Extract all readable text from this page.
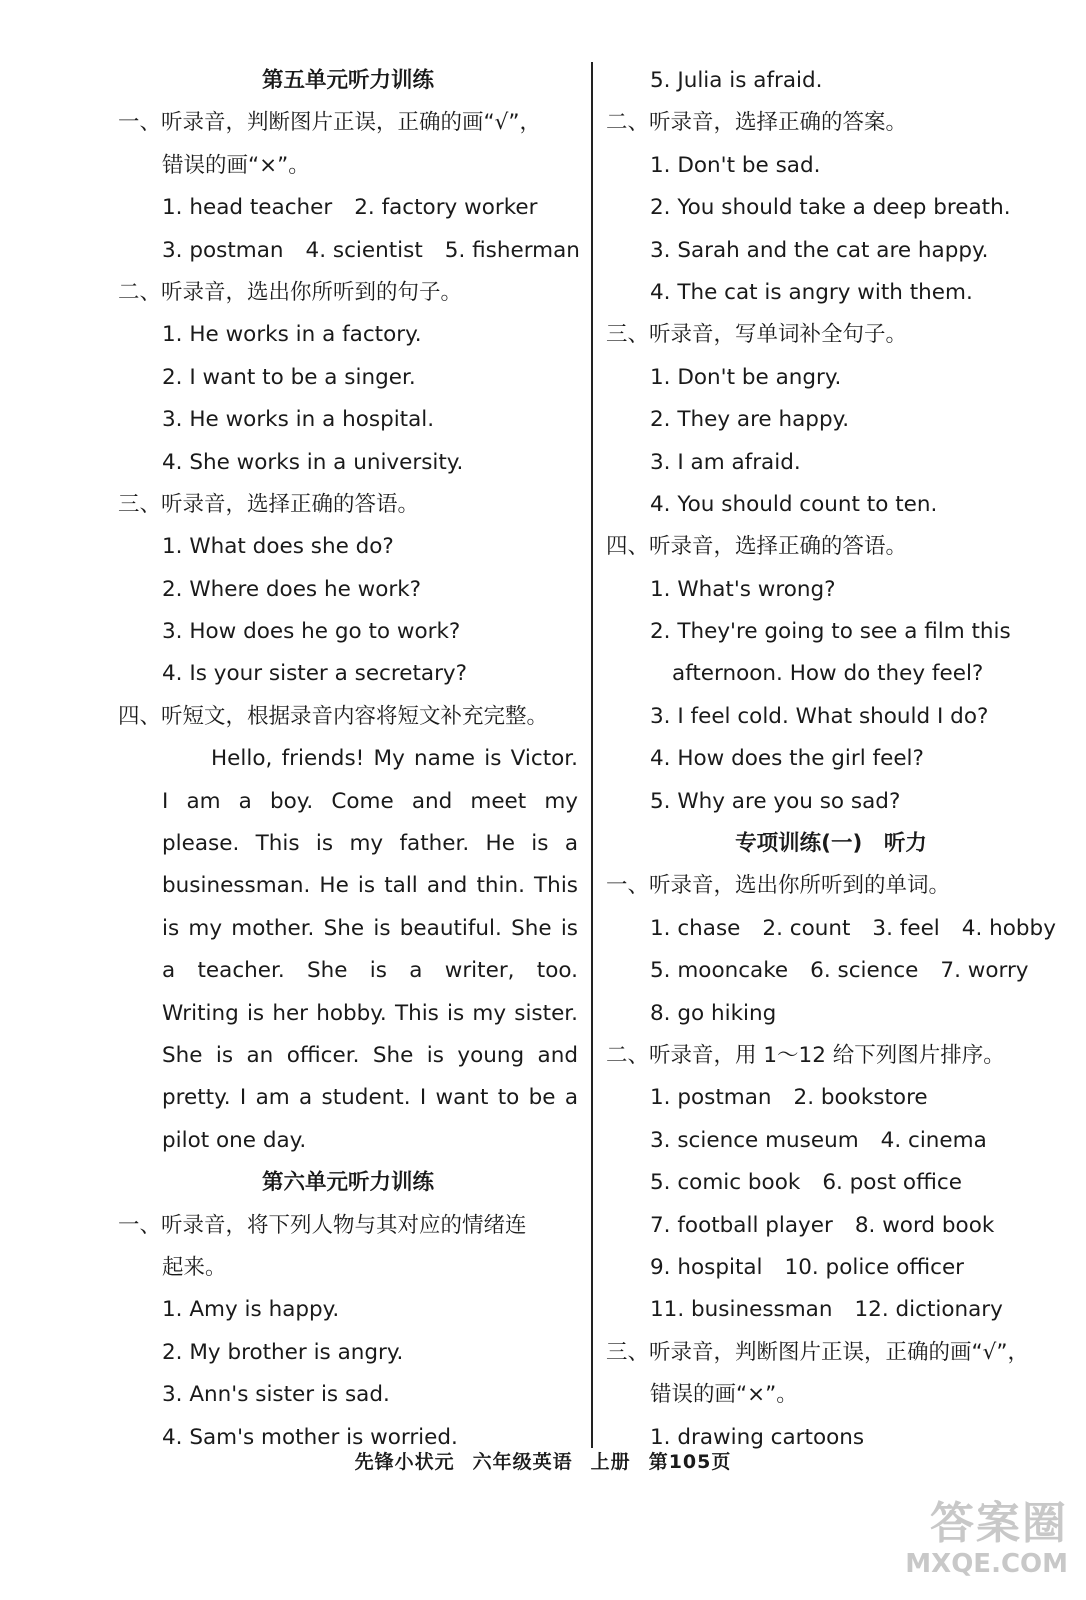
第五单元听力训练
一、听录音，判断图片正误，正确的画“√”，
错误的画“×”。
1. head teacher 2. factory worker
3. postman 4. scientist 5. fisherman
二、听录音，选出你所听到的句子。
1. He works in a factory.
2. I want to be a singer.
3. He works in a hospital.
4. She works in a university.
三、听录音，选择正确的答语。
1. What does she do?
2. Where does he work?
3. How does he go to work?
4. Is your sister a secretary?
四、听短文，根据录音内容将短文补充完整。
Hello, friends! My name is Victor.
I am a boy. Come and meet my
please. This is my father. He is a
businessman. He is tall and thin. This
is my mother. She is beautiful. She is
a teacher. She is a writer, too.
Writing is her hobby. This is my sister.
She is an officer. She is young and
pretty. I am a student. I want to be a
pilot one day.
第六单元听力训练
一、听录音，将下列人物与其对应的情绪连
起来。
1. Amy is happy.
2. My brother is angry.
3. Ann's sister is sad.
4. Sam's mother is worried.
5. Julia is afraid.
二、听录音，选择正确的答案。
1. Don't be sad.
2. You should take a deep breath.
3. Sarah and the cat are happy.
4. The cat is angry with them.
三、听录音，写单词补全句子。
1. Don't be angry.
2. They are happy.
3. I am afraid.
4. You should count to ten.
四、听录音，选择正确的答语。
1. What's wrong?
2. They're going to see a film this
afternoon. How do they feel?
3. I feel cold. What should I do?
4. How does the girl feel?
5. Why are you so sad?
专项训练(一)　听力
一、听录音，选出你所听到的单词。
1. chase 2. count 3. feel 4. hobby
5. mooncake 6. science 7. worry
8. go hiking
二、听录音，用 1～12 给下列图片排序。
1. postman 2. bookstore
3. science museum 4. cinema
5. comic book 6. post office
7. football player 8. word book
9. hospital 10. police officer
11. businessman 12. dictionary
三、听录音，判断图片正误，正确的画“√”，
错误的画“×”。
1. drawing cartoons
先锋小状元 六年级英语 上册 第105页
答案圈
MXQE.COM
